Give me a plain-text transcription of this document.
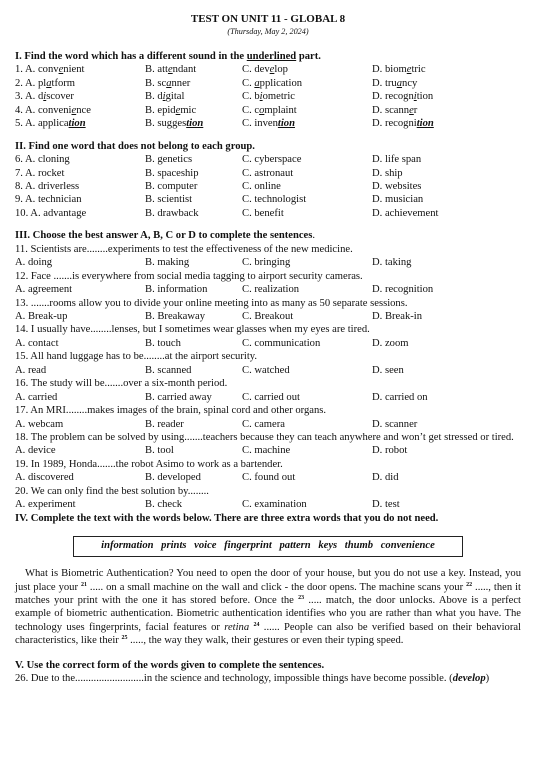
TEST ON UNIT 11 - GLOBAL 8
(Thursday, May 2, 2024)
I. Find the word which has a different sound in the underlined part.
1. A. convenient	B. attendant	C. develop	D. biometric
2. A. platform	B. scanner	C. application	D. truancy
3. A. discover	B. digital	C. biometric	D. recognition
4. A. convenience	B. epidemic	C. complaint	D. scanner
5. A. application	B. suggestion	C. invention	D. recognition
II. Find one word that does not belong to each group.
6. A. cloning	B. genetics	C. cyberspace	D. life span
7. A. rocket	B. spaceship	C. astronaut	D. ship
8. A. driverless	B. computer	C. online	D. websites
9. A. technician	B. scientist	C. technologist	D. musician
10. A. advantage	B. drawback	C. benefit	D. achievement
III. Choose the best answer A, B, C or D to complete the sentences.
11. Scientists are........experiments to test the effectiveness of the new medicine.
A. doing	B. making	C. bringing	D. taking
12. Face .......is everywhere from social media tagging to airport security cameras.
A. agreement	B. information	C. realization	D. recognition
13. .......rooms allow you to divide your online meeting into as many as 50 separate sessions.
A. Break-up	B. Breakaway	C. Breakout	D. Break-in
14. I usually have........lenses, but I sometimes wear glasses when my eyes are tired.
A. contact	B. touch	C. communication	D. zoom
15. All hand luggage has to be........at the airport security.
A. read	B. scanned	C. watched	D. seen
16. The study will be.......over a six-month period.
A. carried	B. carried away	C. carried out	D. carried on
17. An MRI........makes images of the brain, spinal cord and other organs.
A. webcam	B. reader	C. camera	D. scanner
18. The problem can be solved by using.......teachers because they can teach anywhere and won’t get stressed or tired.
A. device	B. tool	C. machine	D. robot
19. In 1989, Honda.......the robot Asimo to work as a bartender.
A. discovered	B. developed	C. found out	D. did
20. We can only find the best solution by........
A. experiment	B. check	C. examination	D. test
IV. Complete the text with the words below. There are three extra words that you do not need.
information prints voice fingerprint pattern keys thumb convenience
What is Biometric Authentication? You need to open the door of your house, but you do not use a key. Instead, you just place your $^{21}$ ..... on a small machine on the wall and click - the door opens. The machine scans your $^{22}$ ....., then it matches your print with the one it has stored before. Once the $^{23}$ ..... match, the door unlocks. Above is a perfect example of biometric authentication. Biometric authentication identifies who you are rather than what you have. The technology uses fingerprints, facial features or retina $^{24}$ ...... People can also be verified based on their behavioral characteristics, like their $^{25}$ ....., the way they walk, their gestures or even their typing speed.
V. Use the correct form of the words given to complete the sentences.
26. Due to the..........................in the science and technology, impossible things have become possible. (develop)
